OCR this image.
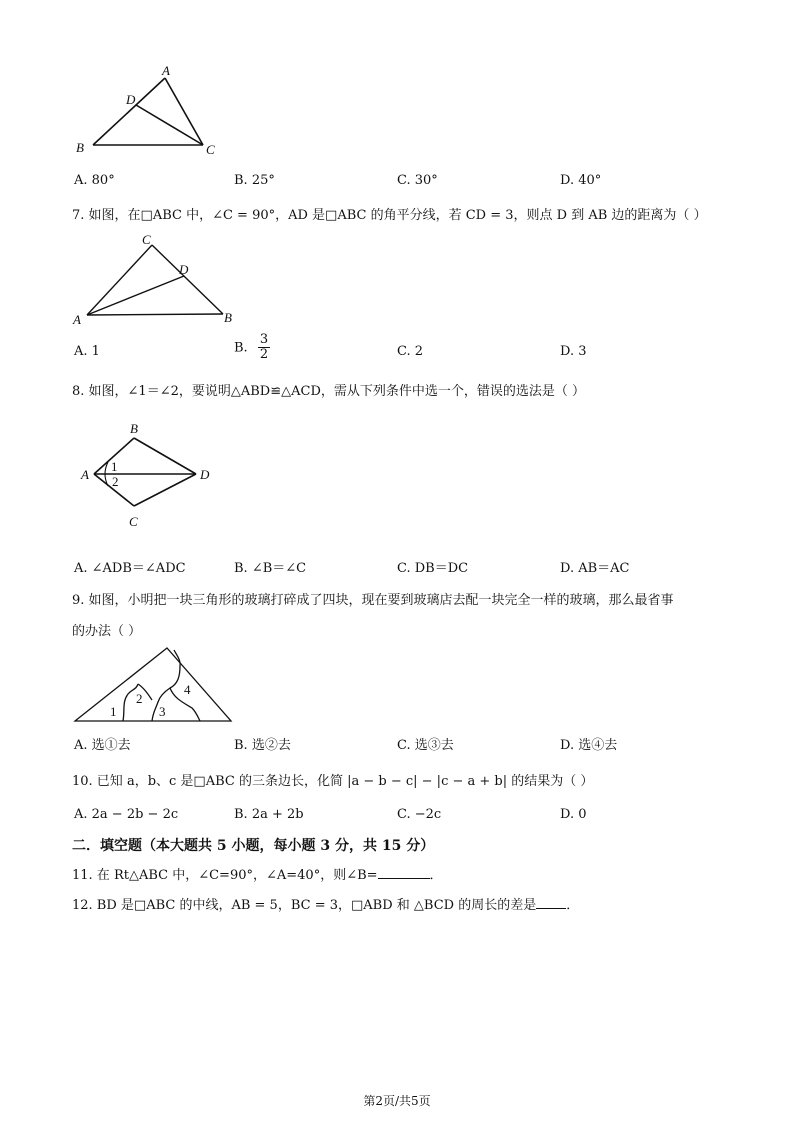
A
D
B	C
A. 80°	B. 25°	C. 30°	D. 40°
7. 如图，在□ABC 中，∠C = 90°，AD 是□ABC 的角平分线，若 CD = 3，则点 D 到 AB 边的距离为（ ）
C
D
A	B
A. 1	B. $\frac{3}{2}$	C. 2	D. 3
8. 如图，∠1＝∠2，要说明△ABD≌△ACD，需从下列条件中选一个，错误的选法是（ ）
B
A	D
C
1
2
A. ∠ADB＝∠ADC	B. ∠B＝∠C	C. DB＝DC	D. AB＝AC
9. 如图，小明把一块三角形的玻璃打碎成了四块，现在要到玻璃店去配一块完全一样的玻璃，那么最省事
的办法（ ）
1
2
3
4
A. 选①去	B. 选②去	C. 选③去	D. 选④去
10. 已知 a，b、c 是□ABC 的三条边长，化简 |a − b − c| − |c − a + b| 的结果为（ ）
A. 2a − 2b − 2c	B. 2a + 2b	C. −2c	D. 0
二．填空题（本大题共 5 小题，每小题 3 分，共 15 分）
11. 在 Rt△ABC 中，∠C=90°，∠A=40°，则∠B=	．
12. BD 是□ABC 的中线，AB = 5，BC = 3，□ABD 和 △BCD 的周长的差是 ．
第2页/共5页
